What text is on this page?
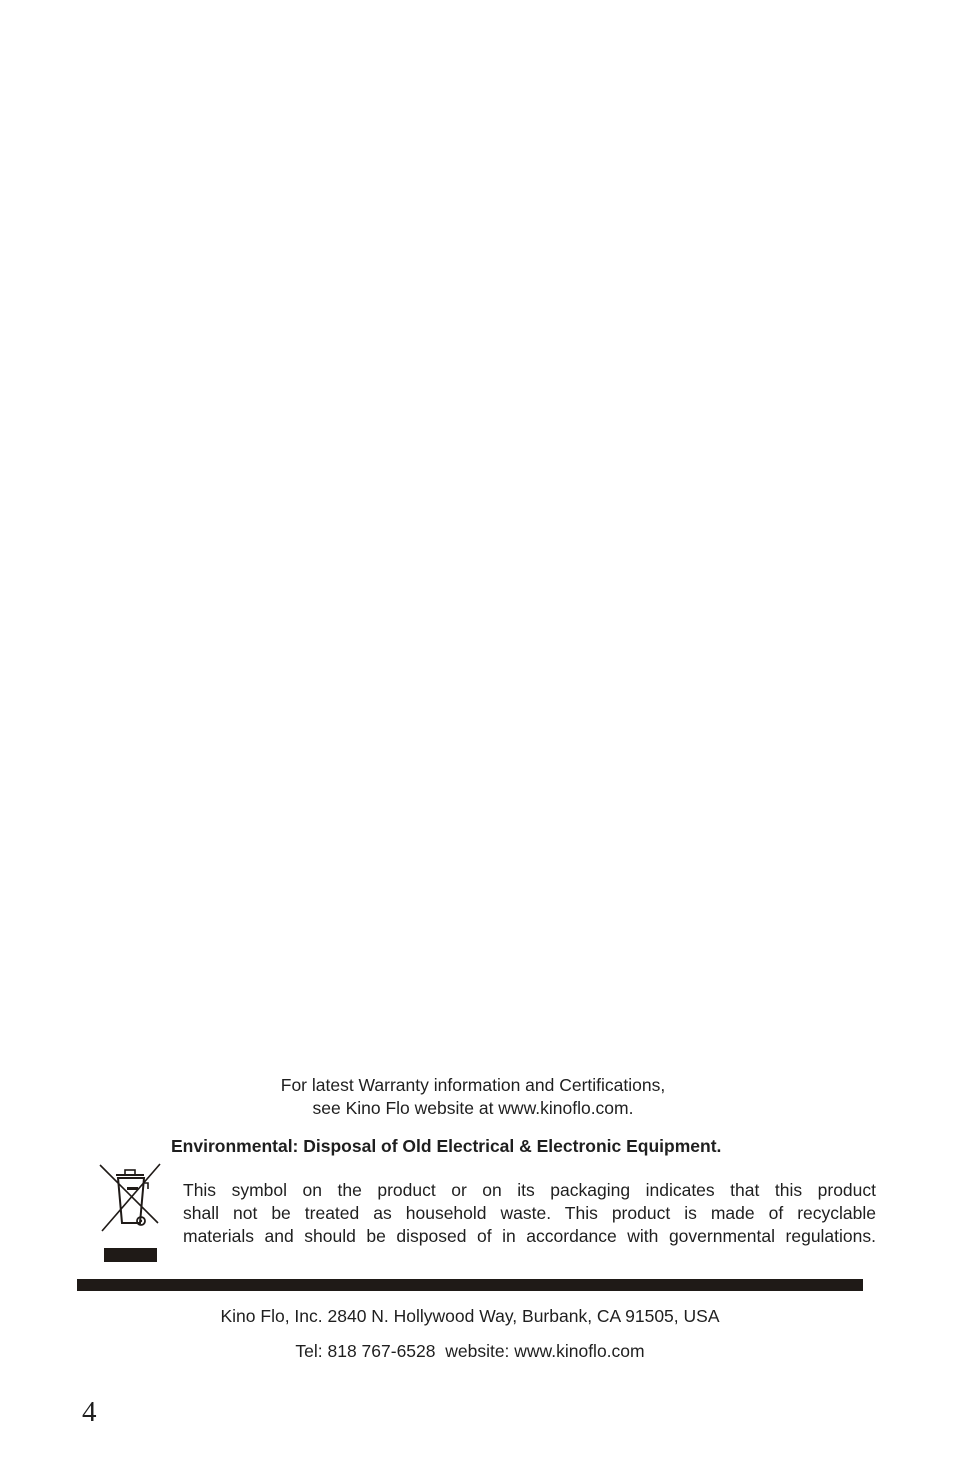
For latest Warranty information and Certifications,
see Kino Flo website at www.kinoflo.com.
Environmental: Disposal of Old Electrical & Electronic Equipment.
This symbol on the product or on its packaging indicates that this product
shall not be treated as household waste. This product is made of recyclable
materials and should be disposed of in accordance with governmental regulations.
Kino Flo, Inc. 2840 N. Hollywood Way, Burbank, CA 91505, USA
Tel: 818 767-6528  website: www.kinoflo.com
4
